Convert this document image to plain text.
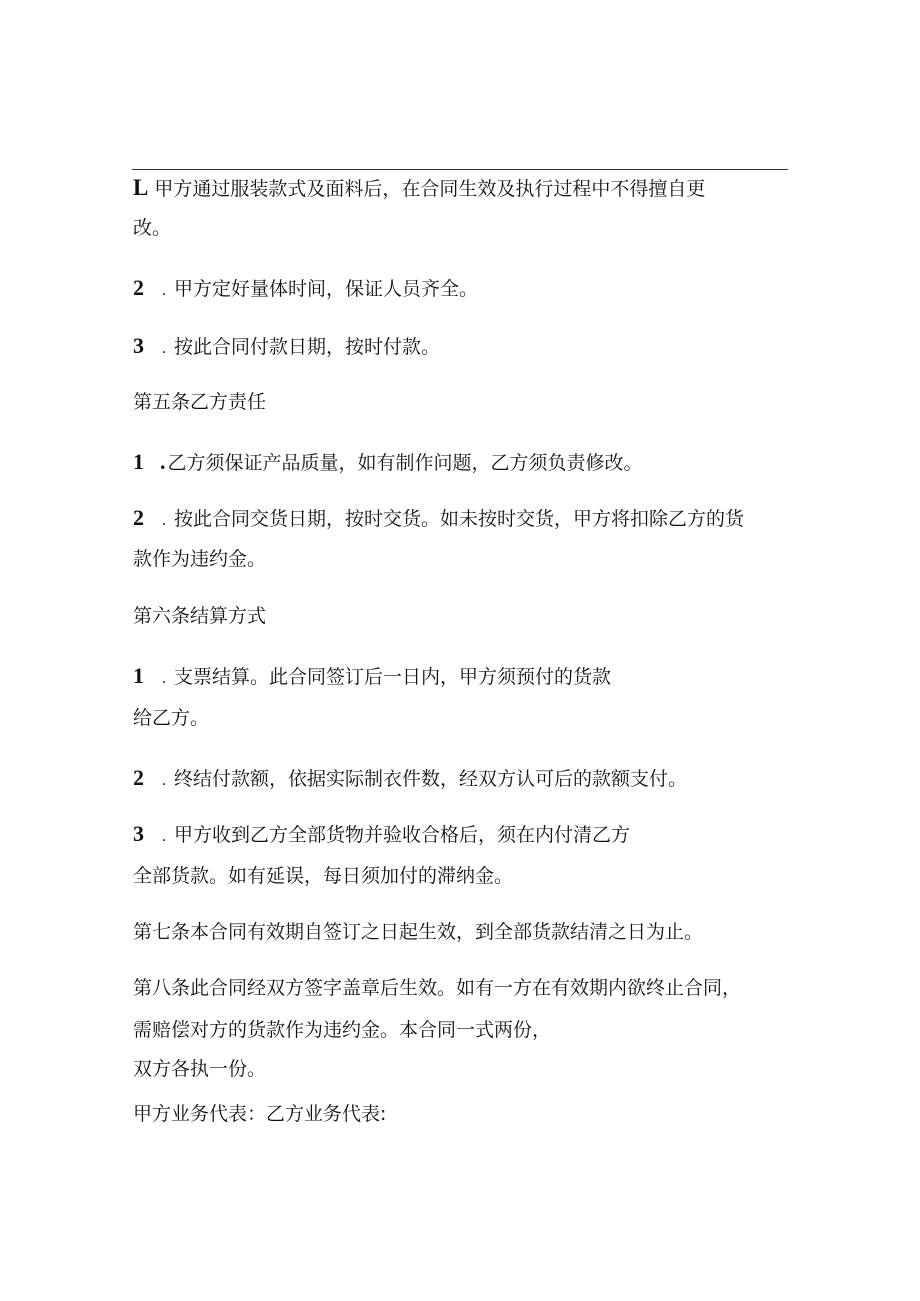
L 甲方通过服装款式及面料后，在合同生效及执行过程中不得擅自更

改。

2 . 甲方定好量体时间，保证人员齐全。

3 . 按此合同付款日期，按时付款。

第五条乙方责任

1 . 乙方须保证产品质量，如有制作问题，乙方须负责修改。

2 . 按此合同交货日期，按时交货。如未按时交货，甲方将扣除乙方的货

款作为违约金。

第六条结算方式

1 . 支票结算。此合同签订后一日内，甲方须预付的货款

给乙方。

2 . 终结付款额，依据实际制衣件数，经双方认可后的款额支付。

3 . 甲方收到乙方全部货物并验收合格后，须在内付清乙方

全部货款。如有延误，每日须加付的滞纳金。

第七条本合同有效期自签订之日起生效，到全部货款结清之日为止。

第八条此合同经双方签字盖章后生效。如有一方在有效期内欲终止合同，

需赔偿对方的货款作为违约金。本合同一式两份，

双方各执一份。

甲方业务代表：乙方业务代表:
